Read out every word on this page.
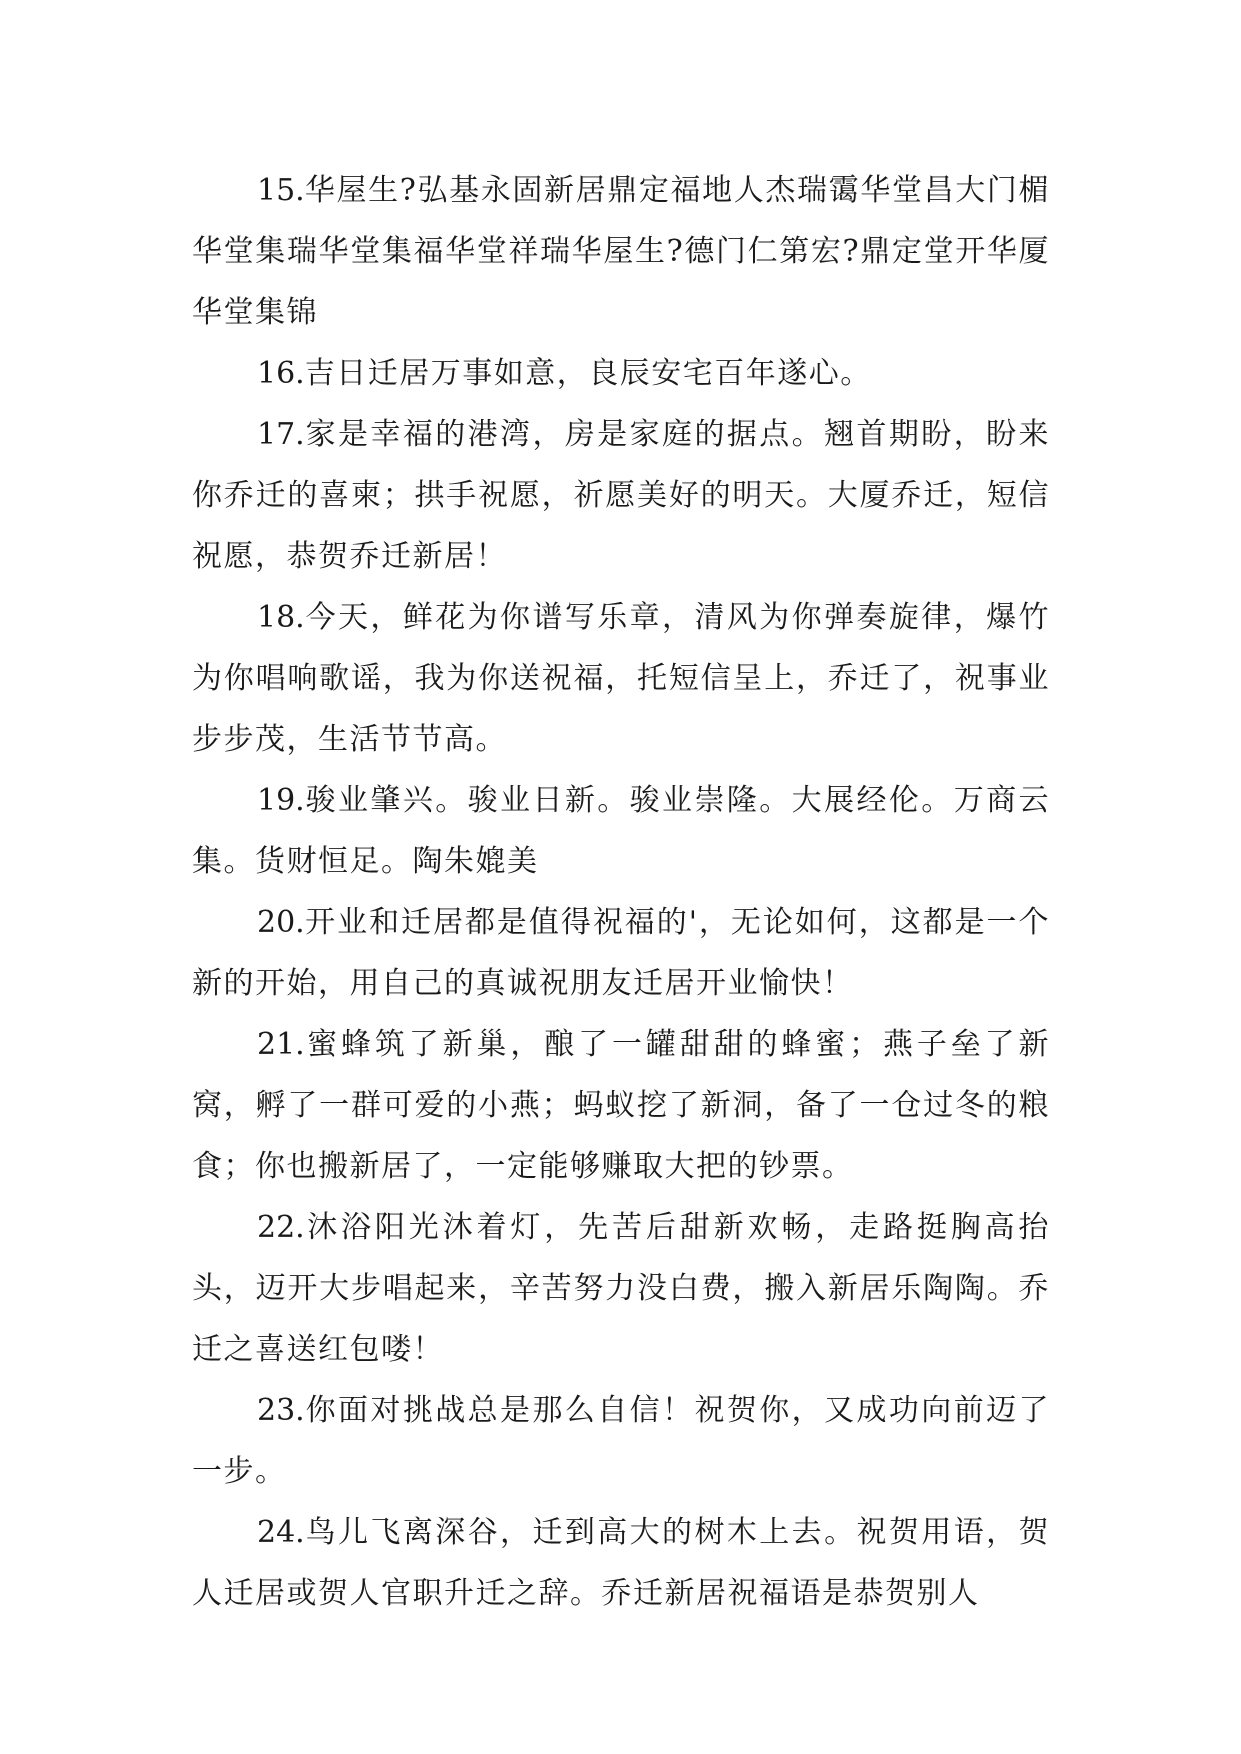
15.华屋生?弘基永固新居鼎定福地人杰瑞霭华堂昌大门楣华堂集瑞华堂集福华堂祥瑞华屋生?德门仁第宏?鼎定堂开华厦华堂集锦

16.吉日迁居万事如意，良辰安宅百年遂心。

17.家是幸福的港湾，房是家庭的据点。翘首期盼，盼来你乔迁的喜柬；拱手祝愿，祈愿美好的明天。大厦乔迁，短信祝愿，恭贺乔迁新居！

18.今天，鲜花为你谱写乐章，清风为你弹奏旋律，爆竹为你唱响歌谣，我为你送祝福，托短信呈上，乔迁了，祝事业步步茂，生活节节高。

19.骏业肇兴。骏业日新。骏业崇隆。大展经伦。万商云集。货财恒足。陶朱媲美

20.开业和迁居都是值得祝福的'，无论如何，这都是一个新的开始，用自己的真诚祝朋友迁居开业愉快！

21.蜜蜂筑了新巢，酿了一罐甜甜的蜂蜜；燕子垒了新窝，孵了一群可爱的小燕；蚂蚁挖了新洞，备了一仓过冬的粮食；你也搬新居了，一定能够赚取大把的钞票。

22.沐浴阳光沐着灯，先苦后甜新欢畅，走路挺胸高抬头，迈开大步唱起来，辛苦努力没白费，搬入新居乐陶陶。乔迁之喜送红包喽！

23.你面对挑战总是那么自信！祝贺你，又成功向前迈了一步。

24.鸟儿飞离深谷，迁到高大的树木上去。祝贺用语，贺人迁居或贺人官职升迁之辞。乔迁新居祝福语是恭贺别人
